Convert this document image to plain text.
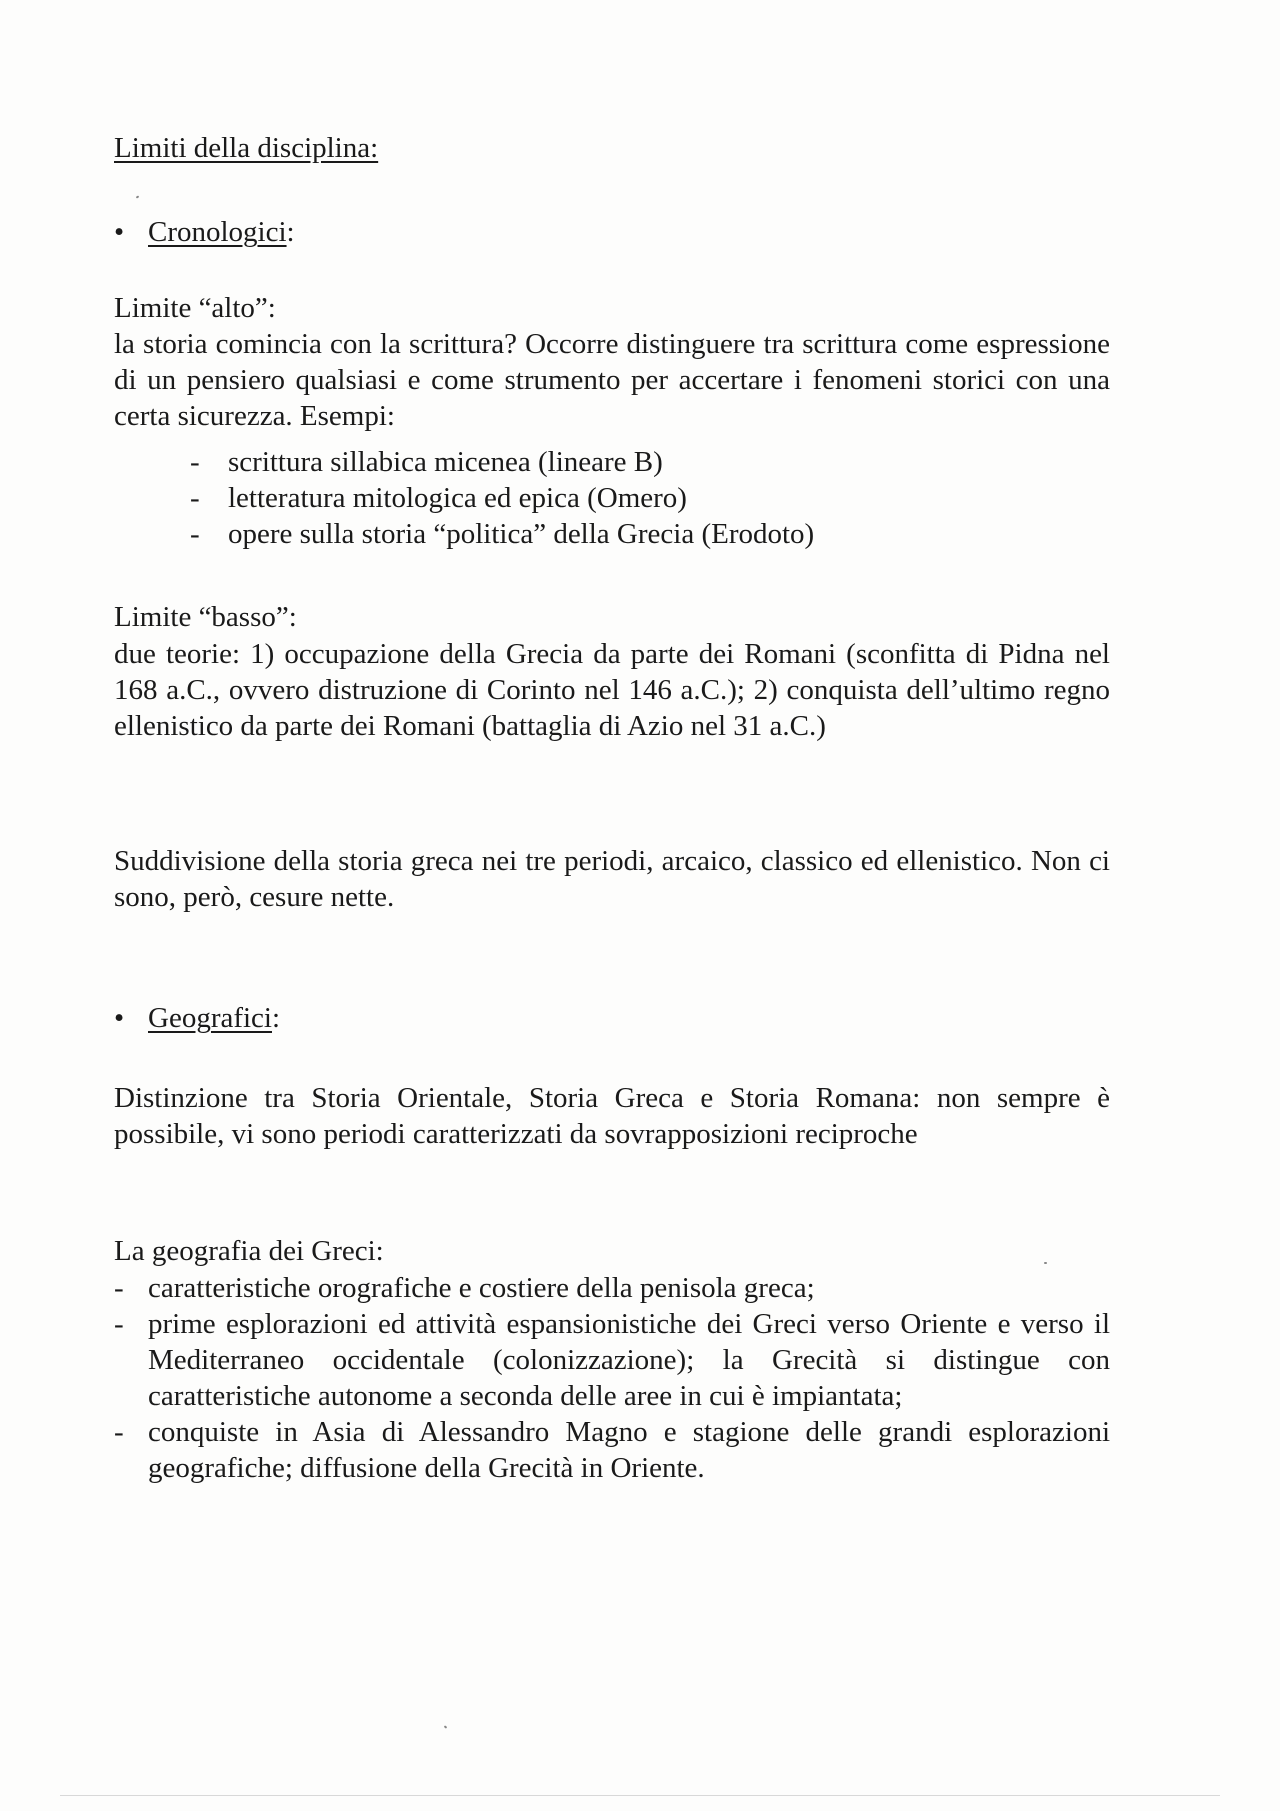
Limiti della disciplina:

• Cronologici :

Limite “alto”:

la storia comincia con la scrittura? Occorre distinguere tra scrittura come espressione di un pensiero qualsiasi e come strumento per accertare i fenomeni storici con una certa sicurezza. Esempi:

- scrittura sillabica micenea (lineare B)
- letteratura mitologica ed epica (Omero)
- opere sulla storia “politica” della Grecia (Erodoto)

Limite “basso”:

due teorie: 1) occupazione della Grecia da parte dei Romani (sconfitta di Pidna nel 168 a.C., ovvero distruzione di Corinto nel 146 a.C.); 2) conquista dell’ultimo regno ellenistico da parte dei Romani (battaglia di Azio nel 31 a.C.)

Suddivisione della storia greca nei tre periodi, arcaico, classico ed ellenistico. Non ci sono, però, cesure nette.

• Geografici :

Distinzione tra Storia Orientale, Storia Greca e Storia Romana: non sempre è possibile, vi sono periodi caratterizzati da sovrapposizioni reciproche

La geografia dei Greci:

- caratteristiche orografiche e costiere della penisola greca;
- prime esplorazioni ed attività espansionistiche dei Greci verso Oriente e verso il Mediterraneo occidentale (colonizzazione); la Grecità si distingue con caratteristiche autonome a seconda delle aree in cui è impiantata;
- conquiste in Asia di Alessandro Magno e stagione delle grandi esplorazioni geografiche; diffusione della Grecità in Oriente.
